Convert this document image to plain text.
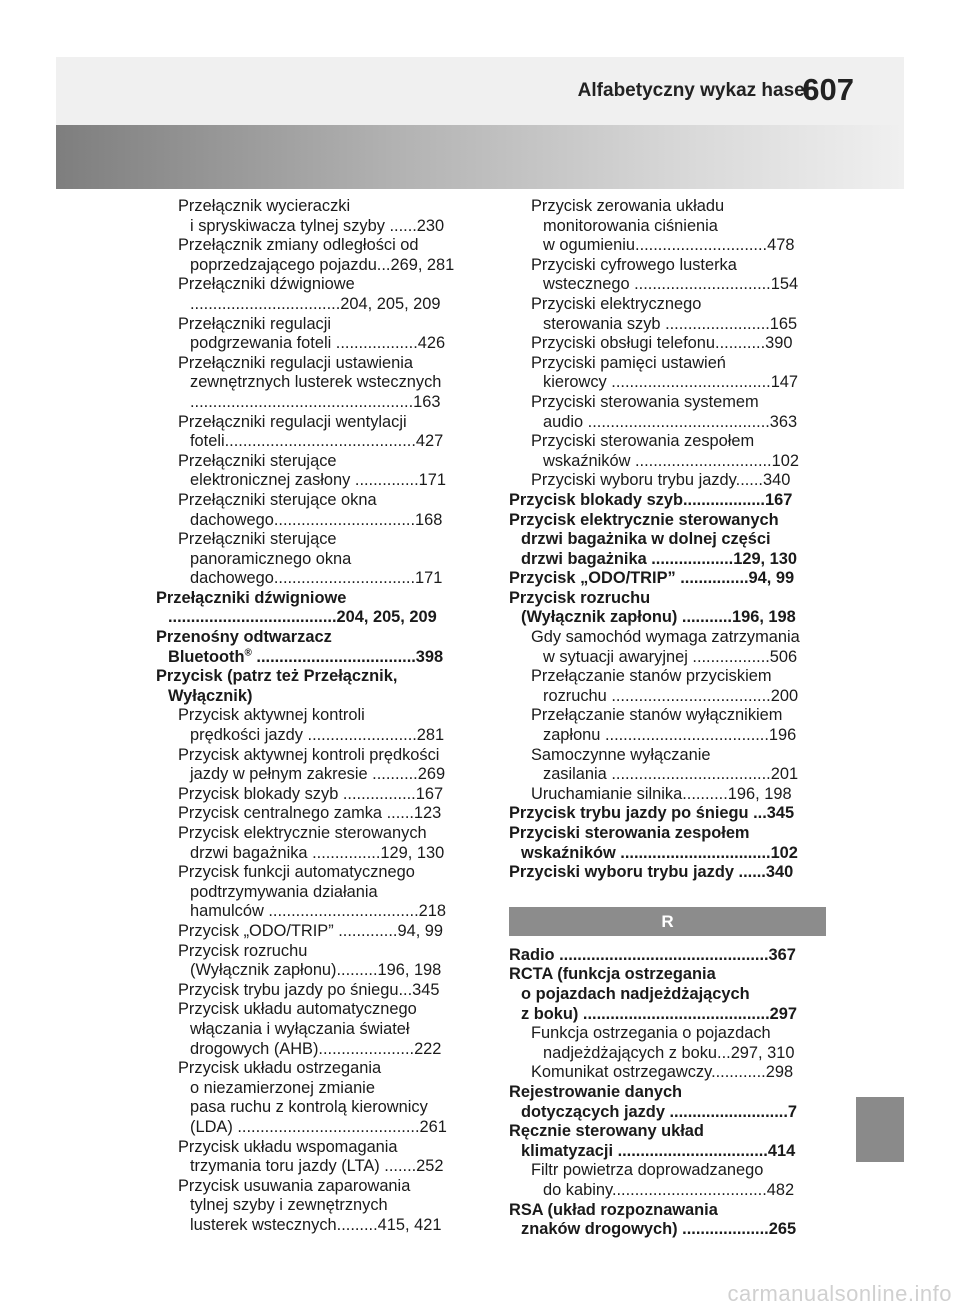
Alfabetyczny wykaz haseł
607
Przełącznik wycieraczki
i spryskiwacza tylnej szyby ......230
Przełącznik zmiany odległości od
poprzedzającego pojazdu...269, 281
Przełączniki dźwigniowe
.................................204, 205, 209
Przełączniki regulacji
podgrzewania foteli ..................426
Przełączniki regulacji ustawienia
zewnętrznych lusterek wstecznych
.................................................163
Przełączniki regulacji wentylacji
foteli..........................................427
Przełączniki sterujące
elektronicznej zasłony ..............171
Przełączniki sterujące okna
dachowego...............................168
Przełączniki sterujące
panoramicznego okna
dachowego...............................171
Przełączniki dźwigniowe
.....................................204, 205, 209
Przenośny odtwarzacz
Bluetooth® ...................................398
Przycisk (patrz też Przełącznik,
Wyłącznik)
Przycisk aktywnej kontroli
prędkości jazdy ........................281
Przycisk aktywnej kontroli prędkości
jazdy w pełnym zakresie ..........269
Przycisk blokady szyb ................167
Przycisk centralnego zamka ......123
Przycisk elektrycznie sterowanych
drzwi bagażnika ...............129, 130
Przycisk funkcji automatycznego
podtrzymywania działania
hamulców .................................218
Przycisk „ODO/TRIP” .............94, 99
Przycisk rozruchu
(Wyłącznik zapłonu).........196, 198
Przycisk trybu jazdy po śniegu...345
Przycisk układu automatycznego
włączania i wyłączania świateł
drogowych (AHB).....................222
Przycisk układu ostrzegania
o niezamierzonej zmianie
pasa ruchu z kontrolą kierownicy
(LDA) ........................................261
Przycisk układu wspomagania
trzymania toru jazdy (LTA) .......252
Przycisk usuwania zaparowania
tylnej szyby i zewnętrznych
lusterek wstecznych.........415, 421
Przycisk zerowania układu
monitorowania ciśnienia
w ogumieniu.............................478
Przyciski cyfrowego lusterka
wstecznego ..............................154
Przyciski elektrycznego
sterowania szyb .......................165
Przyciski obsługi telefonu...........390
Przyciski pamięci ustawień
kierowcy ...................................147
Przyciski sterowania systemem
audio ........................................363
Przyciski sterowania zespołem
wskaźników ..............................102
Przyciski wyboru trybu jazdy......340
Przycisk blokady szyb..................167
Przycisk elektrycznie sterowanych
drzwi bagażnika w dolnej części
drzwi bagażnika ..................129, 130
Przycisk „ODO/TRIP” ...............94, 99
Przycisk rozruchu
(Wyłącznik zapłonu) ...........196, 198
Gdy samochód wymaga zatrzymania
w sytuacji awaryjnej .................506
Przełączanie stanów przyciskiem
rozruchu ...................................200
Przełączanie stanów wyłącznikiem
zapłonu ....................................196
Samoczynne wyłączanie
zasilania ...................................201
Uruchamianie silnika..........196, 198
Przycisk trybu jazdy po śniegu ...345
Przyciski sterowania zespołem
wskaźników .................................102
Przyciski wyboru trybu jazdy ......340
R
Radio ..............................................367
RCTA (funkcja ostrzegania
o pojazdach nadjeżdżających
z boku) .........................................297
Funkcja ostrzegania o pojazdach
nadjeżdżających z boku...297, 310
Komunikat ostrzegawczy............298
Rejestrowanie danych
dotyczących jazdy ..........................7
Ręcznie sterowany układ
klimatyzacji .................................414
Filtr powietrza doprowadzanego
do kabiny..................................482
RSA (układ rozpoznawania
znaków drogowych) ...................265
carmanualsonline.info
